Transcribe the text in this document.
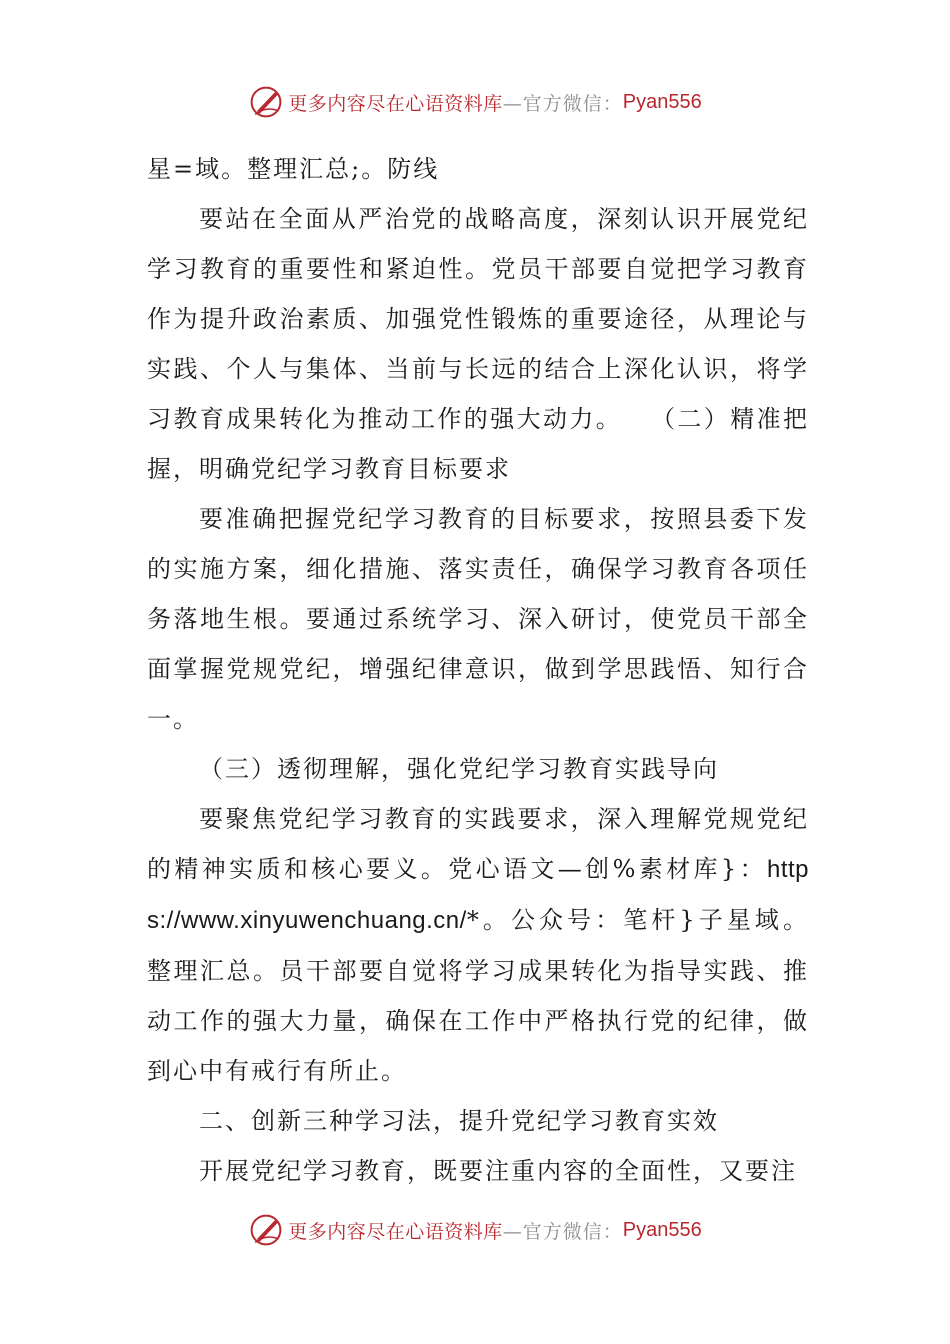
更多内容尽在心语资料库 —官方微信： Pyan556

星=域。整理汇总;。防线

要站在全面从严治党的战略高度，深刻认识开展党纪学习教育的重要性和紧迫性。党员干部要自觉把学习教育作为提升政治素质、加强党性锻炼的重要途径，从理论与实践、个人与集体、当前与长远的结合上深化认识，将学习教育成果转化为推动工作的强大动力。　　（二）精准把握，明确党纪学习教育目标要求

要准确把握党纪学习教育的目标要求，按照县委下发的实施方案，细化措施、落实责任，确保学习教育各项任务落地生根。要通过系统学习、深入研讨，使党员干部全面掌握党规党纪，增强纪律意识，做到学思践悟、知行合一。

（三）透彻理解，强化党纪学习教育实践导向

要聚焦党纪学习教育的实践要求，深入理解党规党纪的精神实质和核心要义。党心语文—创%素材库}：https://www.xinyuwenchuang.cn/*。公众号：笔杆}子星域。整理汇总。员干部要自觉将学习成果转化为指导实践、推动工作的强大力量，确保在工作中严格执行党的纪律，做到心中有戒行有所止。

二、创新三种学习法，提升党纪学习教育实效

开展党纪学习教育，既要注重内容的全面性，又要注

更多内容尽在心语资料库 —官方微信： Pyan556
